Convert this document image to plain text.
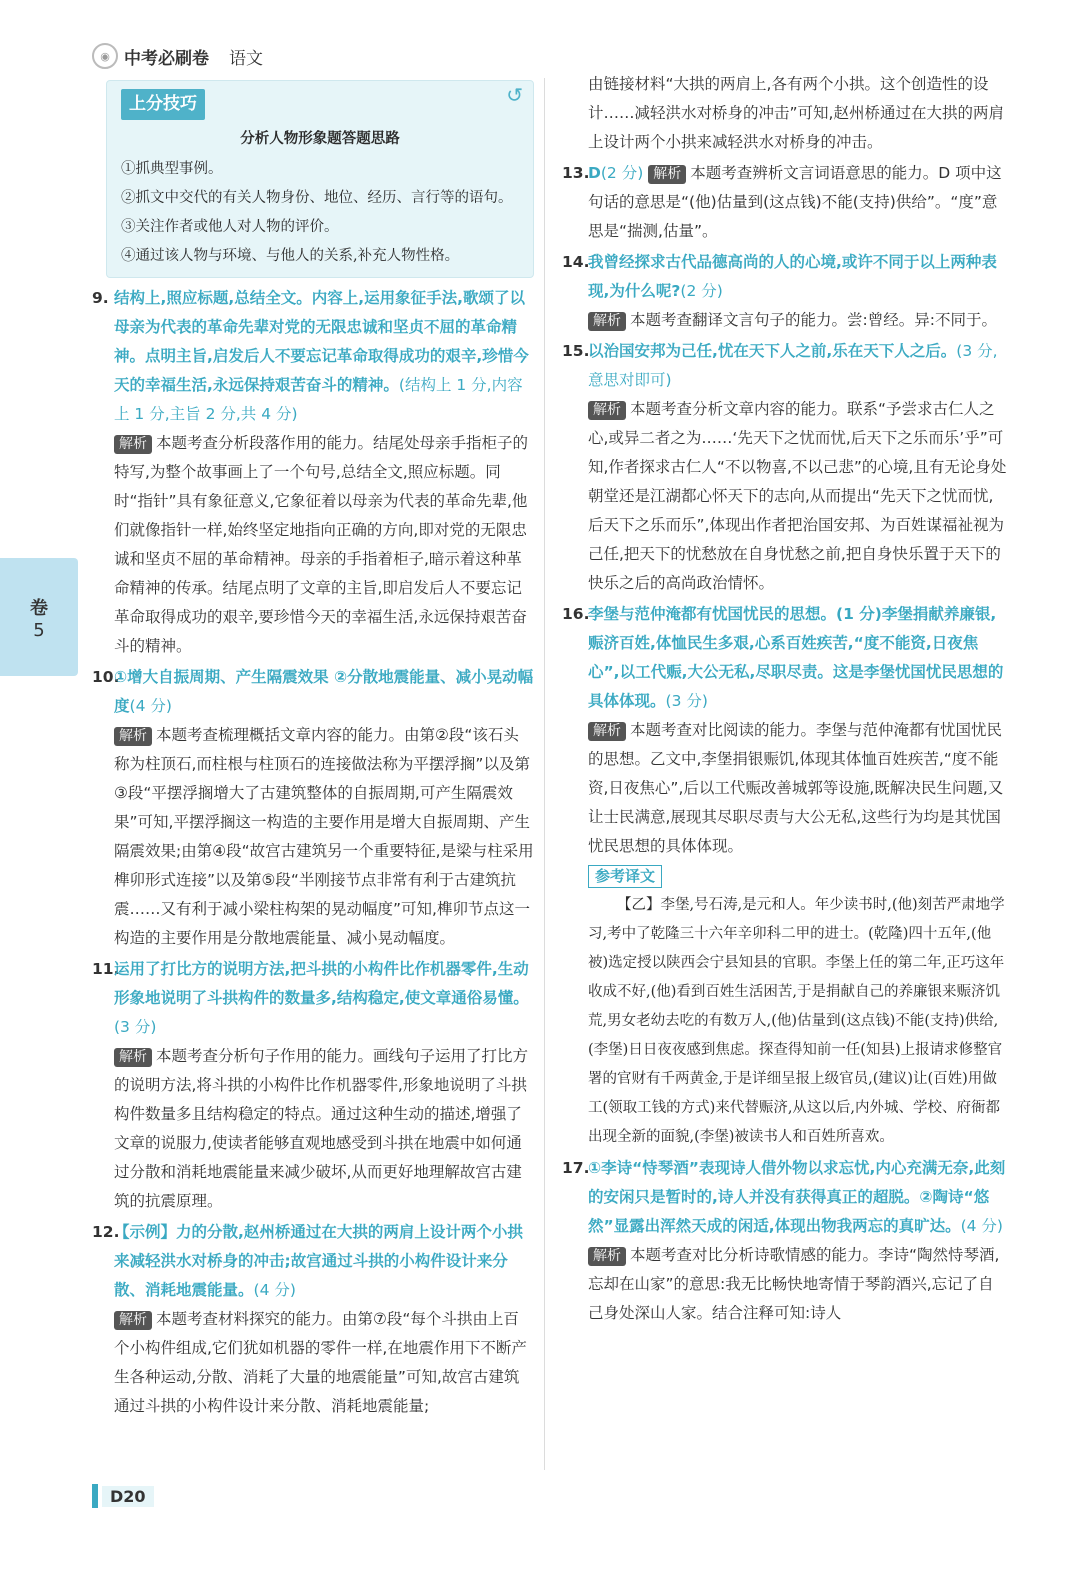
◉ 中考必刷卷 语文
卷
5
↺
上分技巧
分析人物形象题答题思路
①抓典型事例。
②抓文中交代的有关人物身份、地位、经历、言行等的语句。
③关注作者或他人对人物的评价。
④通过该人物与环境、与他人的关系,补充人物性格。
9. 结构上,照应标题,总结全文。内容上,运用象征手法,歌颂了以母亲为代表的革命先辈对党的无限忠诚和坚贞不屈的革命精神。点明主旨,启发后人不要忘记革命取得成功的艰辛,珍惜今天的幸福生活,永远保持艰苦奋斗的精神。(结构上 1 分,内容上 1 分,主旨 2 分,共 4 分)
解析 本题考查分析段落作用的能力。结尾处母亲手指柜子的特写,为整个故事画上了一个句号,总结全文,照应标题。同时“指针”具有象征意义,它象征着以母亲为代表的革命先辈,他们就像指针一样,始终坚定地指向正确的方向,即对党的无限忠诚和坚贞不屈的革命精神。母亲的手指着柜子,暗示着这种革命精神的传承。结尾点明了文章的主旨,即启发后人不要忘记革命取得成功的艰辛,要珍惜今天的幸福生活,永远保持艰苦奋斗的精神。
10.
①增大自振周期、产生隔震效果 ②分散地震能量、减小晃动幅度(4 分)
解析 本题考查梳理概括文章内容的能力。由第②段“该石头称为柱顶石,而柱根与柱顶石的连接做法称为平摆浮搁”以及第③段“平摆浮搁增大了古建筑整体的自振周期,可产生隔震效果”可知,平摆浮搁这一构造的主要作用是增大自振周期、产生隔震效果;由第④段“故宫古建筑另一个重要特征,是梁与柱采用榫卯形式连接”以及第⑤段“半刚接节点非常有利于古建筑抗震……又有利于减小梁柱构架的晃动幅度”可知,榫卯节点这一构造的主要作用是分散地震能量、减小晃动幅度。
11.
运用了打比方的说明方法,把斗拱的小构件比作机器零件,生动形象地说明了斗拱构件的数量多,结构稳定,使文章通俗易懂。(3 分)
解析 本题考查分析句子作用的能力。画线句子运用了打比方的说明方法,将斗拱的小构件比作机器零件,形象地说明了斗拱构件数量多且结构稳定的特点。通过这种生动的描述,增强了文章的说服力,使读者能够直观地感受到斗拱在地震中如何通过分散和消耗地震能量来减少破坏,从而更好地理解故宫古建筑的抗震原理。
12.
【示例】力的分散,赵州桥通过在大拱的两肩上设计两个小拱来减轻洪水对桥身的冲击;故宫通过斗拱的小构件设计来分散、消耗地震能量。(4 分)
解析 本题考查材料探究的能力。由第⑦段“每个斗拱由上百个小构件组成,它们犹如机器的零件一样,在地震作用下不断产生各种运动,分散、消耗了大量的地震能量”可知,故宫古建筑通过斗拱的小构件设计来分散、消耗地震能量;
由链接材料“大拱的两肩上,各有两个小拱。这个创造性的设计……减轻洪水对桥身的冲击”可知,赵州桥通过在大拱的两肩上设计两个小拱来减轻洪水对桥身的冲击。
13.
D(2 分) 解析 本题考查辨析文言词语意思的能力。D 项中这句话的意思是“(他)估量到(这点钱)不能(支持)供给”。“度”意思是“揣测,估量”。
14.
我曾经探求古代品德高尚的人的心境,或许不同于以上两种表现,为什么呢?(2 分)
解析 本题考查翻译文言句子的能力。尝:曾经。异:不同于。
15.
以治国安邦为己任,忧在天下人之前,乐在天下人之后。(3 分,意思对即可)
解析 本题考查分析文章内容的能力。联系“予尝求古仁人之心,或异二者之为……‘先天下之忧而忧,后天下之乐而乐’乎”可知,作者探求古仁人“不以物喜,不以己悲”的心境,且有无论身处朝堂还是江湖都心怀天下的志向,从而提出“先天下之忧而忧,后天下之乐而乐”,体现出作者把治国安邦、为百姓谋福祉视为己任,把天下的忧愁放在自身忧愁之前,把自身快乐置于天下的快乐之后的高尚政治情怀。
16.
李堡与范仲淹都有忧国忧民的思想。(1 分)李堡捐献养廉银,赈济百姓,体恤民生多艰,心系百姓疾苦,“度不能资,日夜焦心”,以工代赈,大公无私,尽职尽责。这是李堡忧国忧民思想的具体体现。(3 分)
解析 本题考查对比阅读的能力。李堡与范仲淹都有忧国忧民的思想。乙文中,李堡捐银赈饥,体现其体恤百姓疾苦,“度不能资,日夜焦心”,后以工代赈改善城郭等设施,既解决民生问题,又让士民满意,展现其尽职尽责与大公无私,这些行为均是其忧国忧民思想的具体体现。
参考译文
【乙】李堡,号石涛,是元和人。年少读书时,(他)刻苦严肃地学习,考中了乾隆三十六年辛卯科二甲的进士。(乾隆)四十五年,(他被)选定授以陕西会宁县知县的官职。李堡上任的第二年,正巧这年收成不好,(他)看到百姓生活困苦,于是捐献自己的养廉银来赈济饥荒,男女老幼去吃的有数万人,(他)估量到(这点钱)不能(支持)供给,(李堡)日日夜夜感到焦虑。探查得知前一任(知县)上报请求修整官署的官财有千两黄金,于是详细呈报上级官员,(建议)让(百姓)用做工(领取工钱的方式)来代替赈济,从这以后,内外城、学校、府衙都出现全新的面貌,(李堡)被读书人和百姓所喜欢。
17.
①李诗“恃琴酒”表现诗人借外物以求忘忧,内心充满无奈,此刻的安闲只是暂时的,诗人并没有获得真正的超脱。②陶诗“悠然”显露出浑然天成的闲适,体现出物我两忘的真旷达。(4 分)
解析 本题考查对比分析诗歌情感的能力。李诗“陶然恃琴酒,忘却在山家”的意思:我无比畅快地寄情于琴韵酒兴,忘记了自己身处深山人家。结合注释可知:诗人
D20
